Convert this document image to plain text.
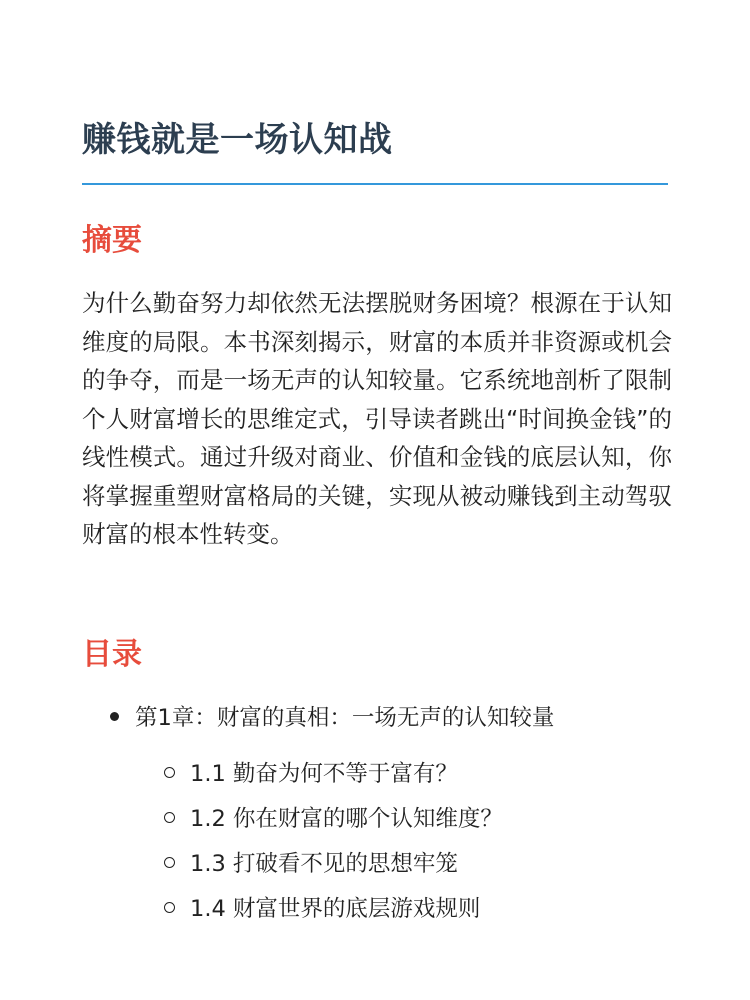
赚钱就是一场认知战
摘要

为什么勤奋努力却依然无法摆脱财务困境？根源在于认知维度的局限。本书深刻揭示，财富的本质并非资源或机会的争夺，而是一场无声的认知较量。它系统地剖析了限制个人财富增长的思维定式，引导读者跳出“时间换金钱”的线性模式。通过升级对商业、价值和金钱的底层认知，你将掌握重塑财富格局的关键，实现从被动赚钱到主动驾驭财富的根本性转变。

目录
第1章：财富的真相：一场无声的认知较量
1.1 勤奋为何不等于富有？
1.2 你在财富的哪个认知维度？
1.3 打破看不见的思想牢笼
1.4 财富世界的底层游戏规则
